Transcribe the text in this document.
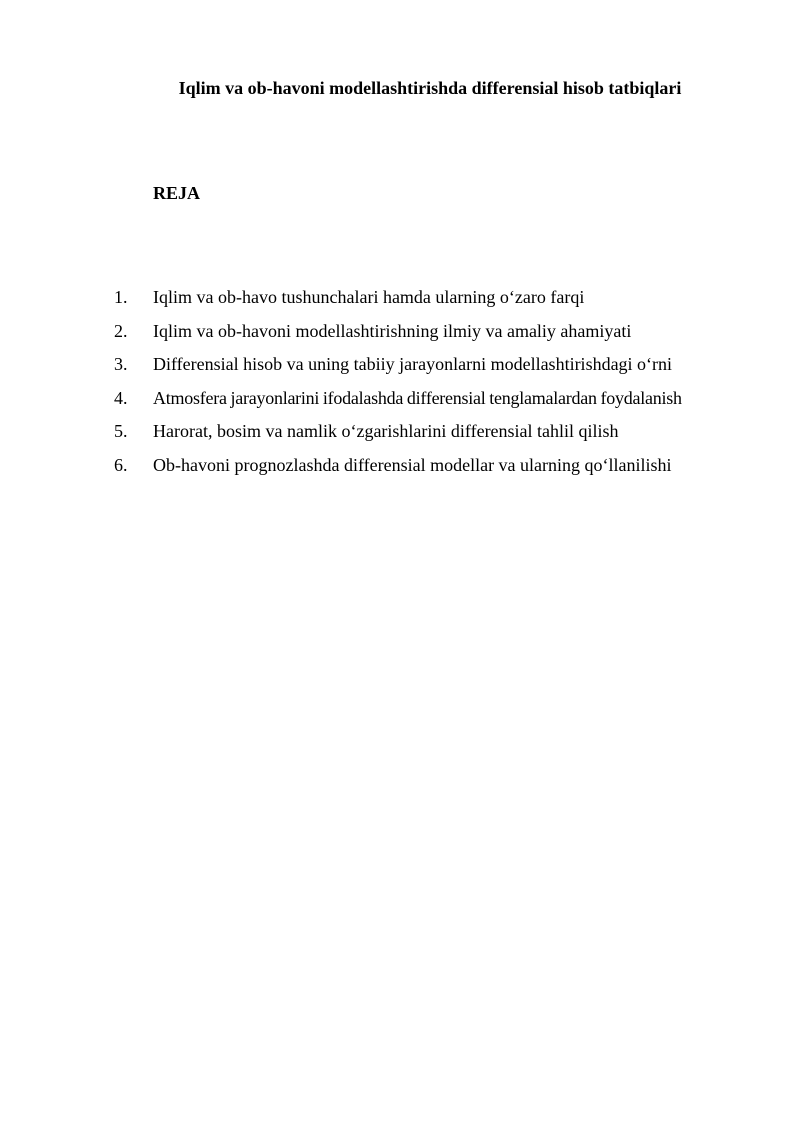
Iqlim va ob-havoni modellashtirishda differensial hisob tatbiqlari
REJA
1. Iqlim va ob-havo tushunchalari hamda ularning o‘zaro farqi
2. Iqlim va ob-havoni modellashtirishning ilmiy va amaliy ahamiyati
3. Differensial hisob va uning tabiiy jarayonlarni modellashtirishdagi o‘rni
4. Atmosfera jarayonlarini ifodalashda differensial tenglamalardan foydalanish
5. Harorat, bosim va namlik o‘zgarishlarini differensial tahlil qilish
6. Ob-havoni prognozlashda differensial modellar va ularning qo‘llanilishi
